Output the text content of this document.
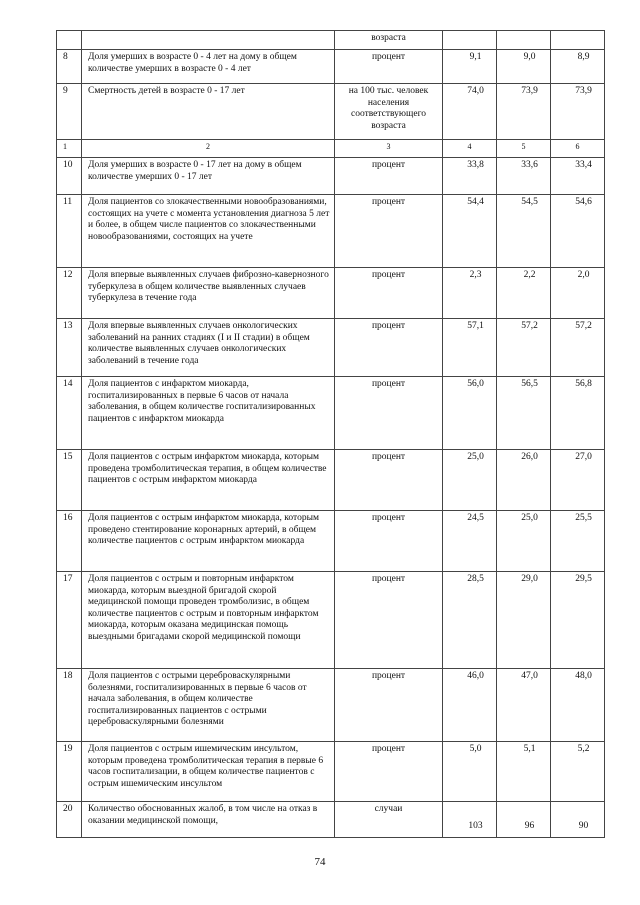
		возраста			
8	Доля умерших в возрасте 0 - 4 лет на дому в общем количестве умерших в возрасте 0 - 4 лет	процент	9,1	9,0	8,9
9	Смертность детей в возрасте 0 - 17 лет	на 100 тыс. человек населения соответствующего возраста	74,0	73,9	73,9
1	2	3	4	5	6
10	Доля умерших в возрасте 0 - 17 лет на дому в общем количестве умерших 0 - 17 лет	процент	33,8	33,6	33,4
11	Доля пациентов со злокачественными новообразованиями, состоящих на учете с момента установления диагноза 5 лет и более, в общем числе пациентов со злокачественными новообразованиями, состоящих на учете	процент	54,4	54,5	54,6
12	Доля впервые выявленных случаев фиброзно-кавернозного туберкулеза в общем количестве выявленных случаев туберкулеза в течение года	процент	2,3	2,2	2,0
13	Доля впервые выявленных случаев онкологических заболеваний на ранних стадиях (I и II стадии) в общем количестве выявленных случаев онкологических заболеваний в течение года	процент	57,1	57,2	57,2
14	Доля пациентов с инфарктом миокарда, госпитализированных в первые 6 часов от начала заболевания, в общем количестве госпитализированных пациентов с инфарктом миокарда	процент	56,0	56,5	56,8
15	Доля пациентов с острым инфарктом миокарда, которым проведена тромболитическая терапия, в общем количестве пациентов с острым инфарктом миокарда	процент	25,0	26,0	27,0
16	Доля пациентов с острым инфарктом миокарда, которым проведено стентирование коронарных артерий, в общем количестве пациентов с острым инфарктом миокарда	процент	24,5	25,0	25,5
17	Доля пациентов с острым и повторным инфарктом миокарда, которым выездной бригадой скорой медицинской помощи проведен тромболизис, в общем количестве пациентов с острым и повторным инфарктом миокарда, которым оказана медицинская помощь выездными бригадами скорой медицинской помощи	процент	28,5	29,0	29,5
18	Доля пациентов с острыми цереброваскулярными болезнями, госпитализированных в первые 6 часов от начала заболевания, в общем количестве госпитализированных пациентов с острыми цереброваскулярными болезнями	процент	46,0	47,0	48,0
19	Доля пациентов с острым ишемическим инсультом, которым проведена тромболитическая терапия в первые 6 часов госпитализации, в общем количестве пациентов с острым ишемическим инсультом	процент	5,0	5,1	5,2
20	Количество обоснованных жалоб, в том числе на отказ в оказании медицинской помощи,	случаи	103	96	90
74
